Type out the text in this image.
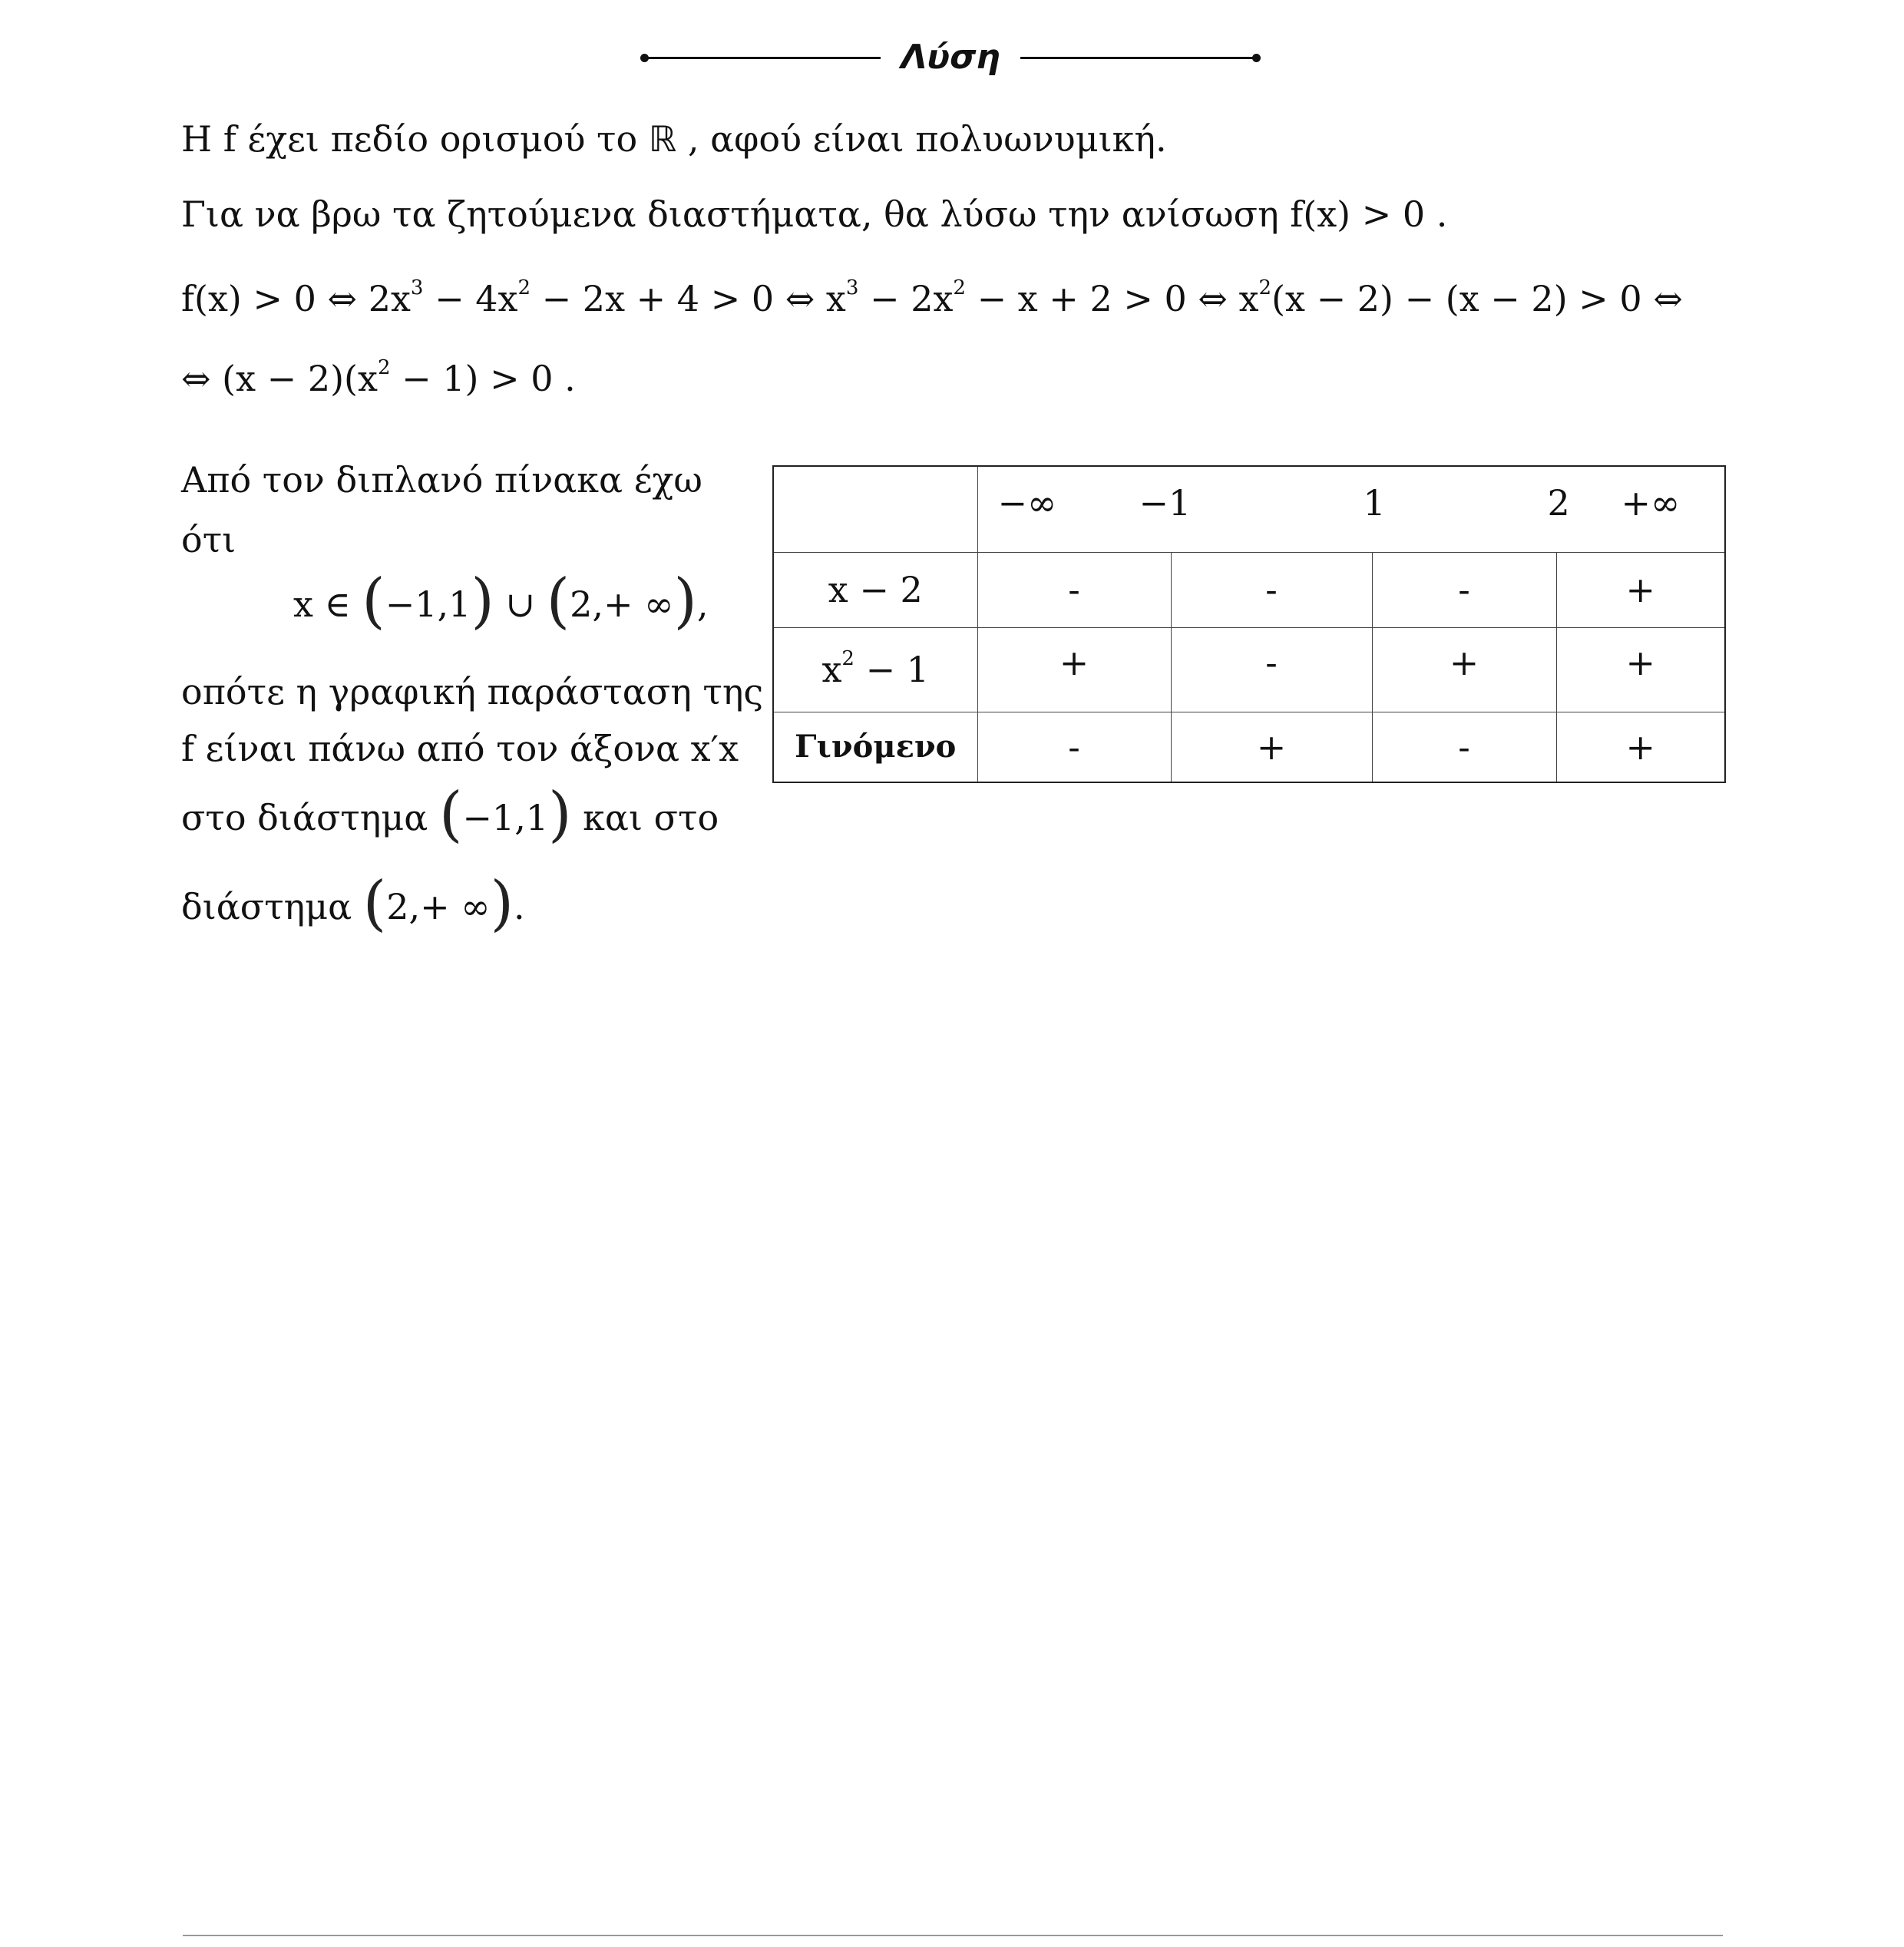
Λύση
Η f έχει πεδίο ορισμού το ℝ , αφού είναι πολυωνυμική.
Για να βρω τα ζητούμενα διαστήματα, θα λύσω την ανίσωση f(x) > 0 .
f(x) > 0 ⇔ $2x^3 - 4x^2 - 2x + 4 > 0$ ⇔ $x^3 - 2x^2 - x + 2 > 0$ ⇔ $x^2(x - 2) - (x - 2) > 0$ ⇔
⇔ $(x - 2)(x^2 - 1) > 0$ .
Από τον διπλανό πίνακα έχω
ότι
x ∈ (−1,1) ∪ (2,+ ∞),
οπότε η γραφική παράσταση της
f είναι πάνω από τον άξονα x′x
στο διάστημα (−1,1) και στο
διάστημα (2,+ ∞).

	−∞ −1 1 2 +∞			

x − 2	-	-	-	+
$x^2 - 1$	+	-	+	+
Γινόμενο	-	+	-	+
